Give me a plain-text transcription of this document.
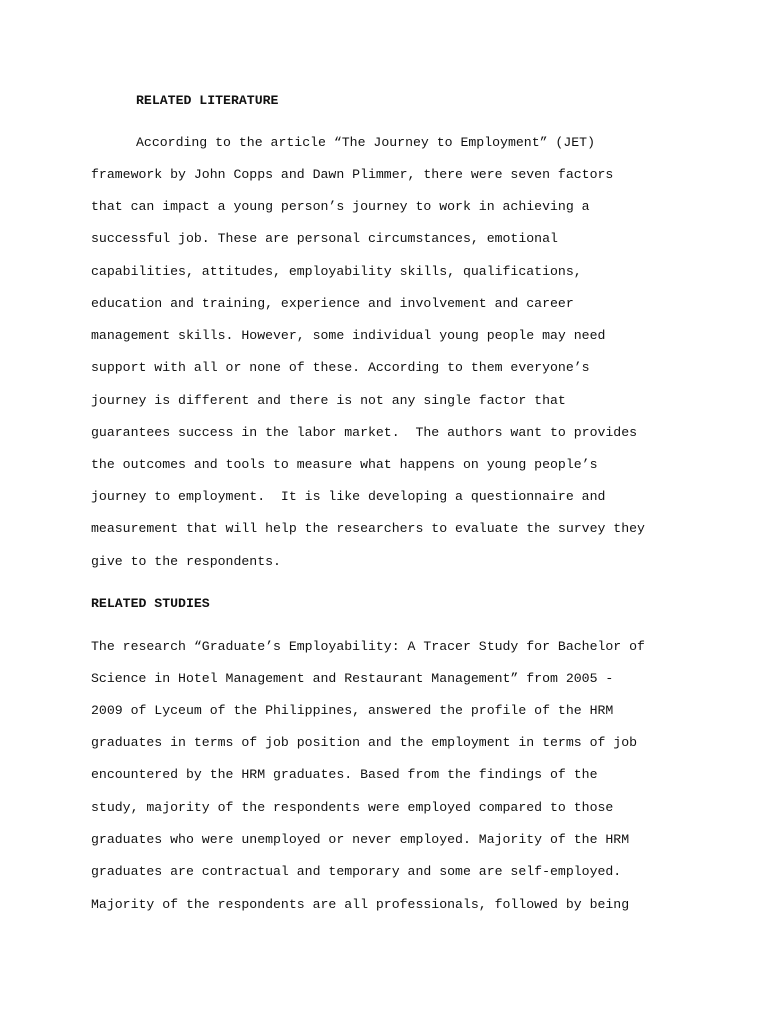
RELATED LITERATURE
According to the article “The Journey to Employment” (JET)
framework by John Copps and Dawn Plimmer, there were seven factors
that can impact a young person’s journey to work in achieving a
successful job. These are personal circumstances, emotional
capabilities, attitudes, employability skills, qualifications,
education and training, experience and involvement and career
management skills. However, some individual young people may need
support with all or none of these. According to them everyone’s
journey is different and there is not any single factor that
guarantees success in the labor market.  The authors want to provides
the outcomes and tools to measure what happens on young people’s
journey to employment.  It is like developing a questionnaire and
measurement that will help the researchers to evaluate the survey they
give to the respondents.
RELATED STUDIES
The research “Graduate’s Employability: A Tracer Study for Bachelor of
Science in Hotel Management and Restaurant Management” from 2005 -
2009 of Lyceum of the Philippines, answered the profile of the HRM
graduates in terms of job position and the employment in terms of job
encountered by the HRM graduates. Based from the findings of the
study, majority of the respondents were employed compared to those
graduates who were unemployed or never employed. Majority of the HRM
graduates are contractual and temporary and some are self-employed.
Majority of the respondents are all professionals, followed by being
